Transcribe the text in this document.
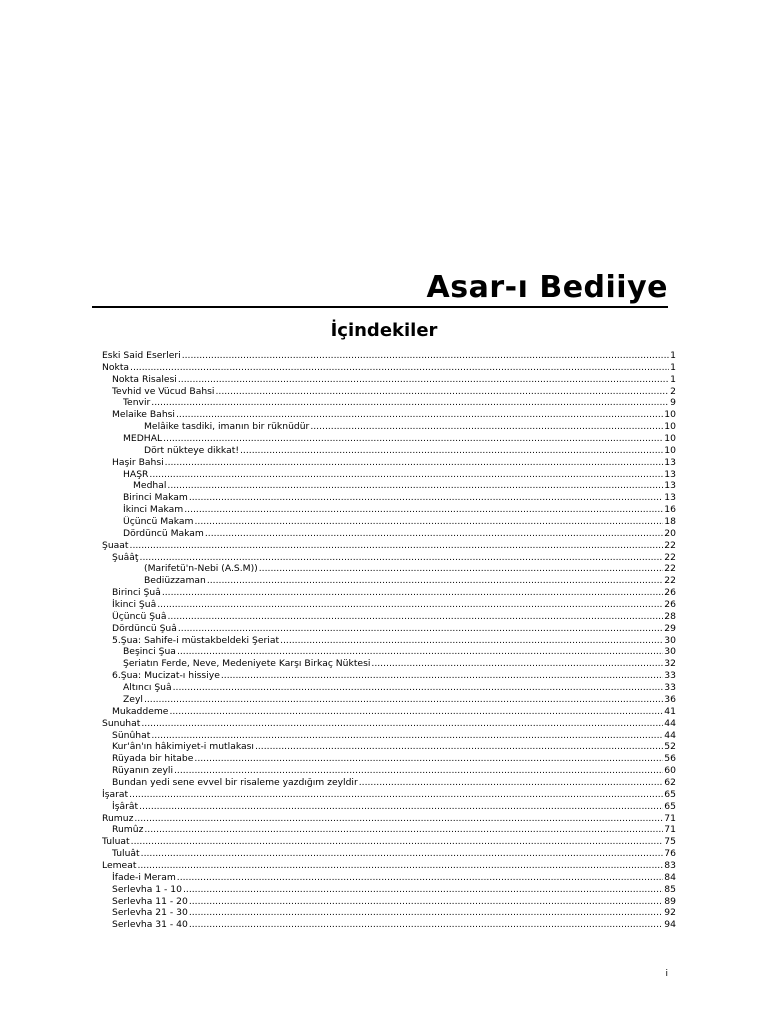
Asar-ı Bediiye
İçindekiler
Eski Said Eserleri .....	1
Nokta .....	1
Nokta Risalesi .....	1
Tevhid ve Vücud Bahsi .....	2
Tenvir .....	9
Melaike Bahsi .....	10
Melâike tasdiki, imanın bir rüknüdür .....	10
MEDHAL .....	10
Dört nükteye dikkat! .....	10
Haşir Bahsi .....	13
HAŞR .....	13
Medhal .....	13
Birinci Makam .....	13
İkinci Makam .....	16
Üçüncü Makam .....	18
Dördüncü Makam .....	20
Şuaat .....	22
Şuââţ .....	22
(Marifetü'n-Nebi (A.S.M)) .....	22
Bediüzzaman .....	22
Birinci Şuâ .....	26
İkinci Şuâ .....	26
Üçüncü Şuâ .....	28
Dördüncü Şuâ .....	29
5.Şua: Sahife-i müstakbeldeki Şeriat .....	30
Beşinci Şua .....	30
Şeriatın Ferde, Neve, Medeniyete Karşı Birkaç Nüktesi .....	32
6.Şua: Mucizat-ı hissiye .....	33
Altıncı Şuâ .....	33
Zeyl .....	36
Mukaddeme .....	41
Sunuhat .....	44
Sünûhat .....	44
Kur'ân'ın hâkimiyet-i mutlakası .....	52
Rüyada bir hitabe .....	56
Rüyanın zeyli .....	60
Bundan yedi sene evvel bir risaleme yazdığım zeyldir .....	62
İşarat .....	65
İşârât .....	65
Rumuz .....	71
Rumûz .....	71
Tuluat .....	75
Tuluât .....	76
Lemeat .....	83
İfade-i Meram .....	84
Serlevha 1 - 10 .....	85
Serlevha 11 - 20 .....	89
Serlevha 21 - 30 .....	92
Serlevha 31 - 40 .....	94
i
